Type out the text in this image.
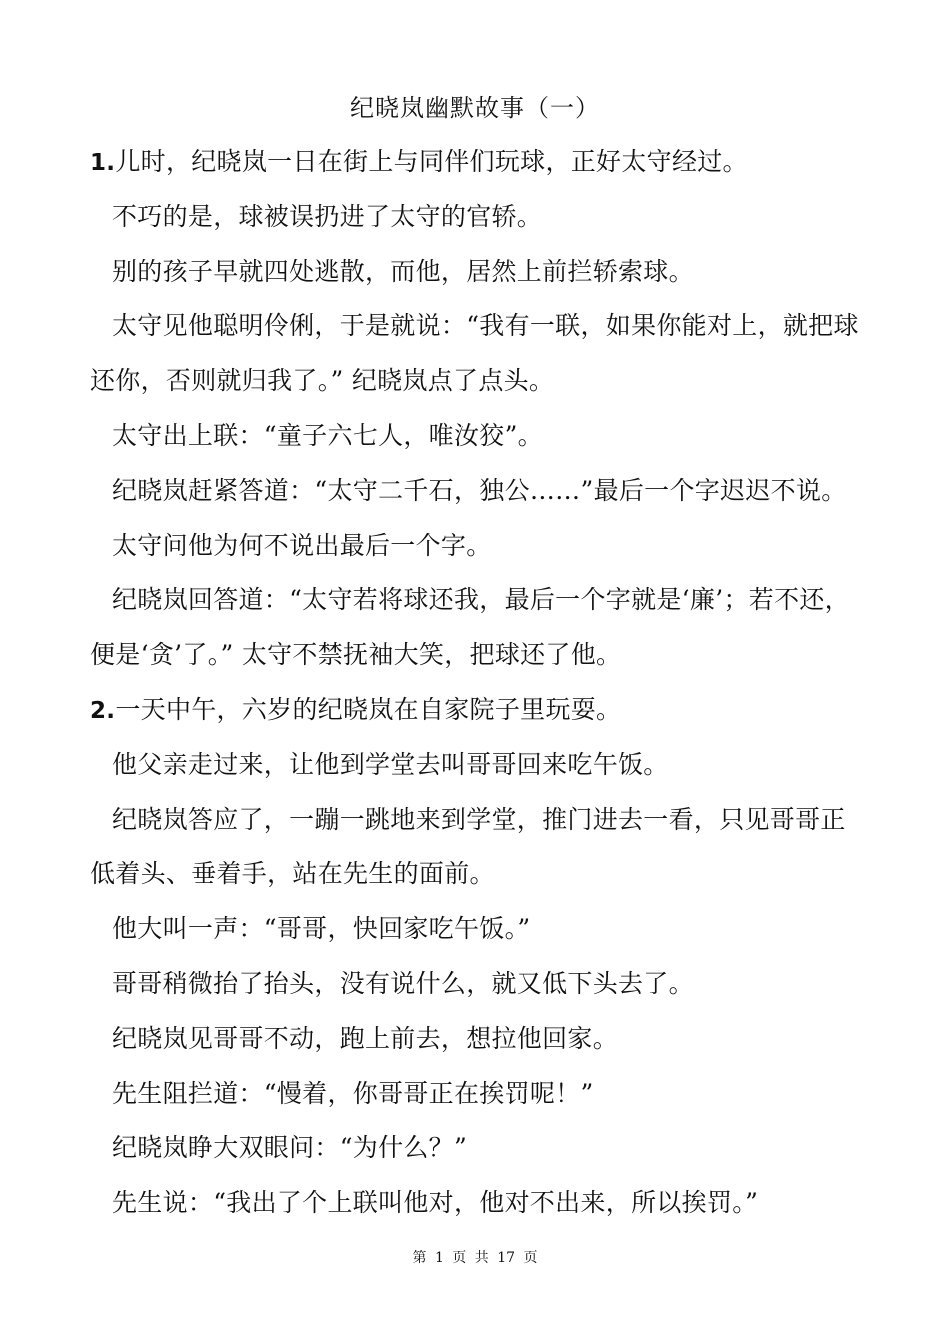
纪晓岚幽默故事（一）
1.儿时，纪晓岚一日在街上与同伴们玩球，正好太守经过。
不巧的是，球被误扔进了太守的官轿。
别的孩子早就四处逃散，而他，居然上前拦轿索球。
太守见他聪明伶俐，于是就说：“我有一联，如果你能对上，就把球
还你，否则就归我了。” 纪晓岚点了点头。
太守出上联：“童子六七人，唯汝狡”。
纪晓岚赶紧答道：“太守二千石，独公……”最后一个字迟迟不说。
太守问他为何不说出最后一个字。
纪晓岚回答道：“太守若将球还我，最后一个字就是‘廉’；若不还，
便是‘贪’了。” 太守不禁抚袖大笑，把球还了他。
2.一天中午，六岁的纪晓岚在自家院子里玩耍。
他父亲走过来，让他到学堂去叫哥哥回来吃午饭。
纪晓岚答应了，一蹦一跳地来到学堂，推门进去一看，只见哥哥正
低着头、垂着手，站在先生的面前。
他大叫一声：“哥哥，快回家吃午饭。”
哥哥稍微抬了抬头，没有说什么，就又低下头去了。
纪晓岚见哥哥不动，跑上前去，想拉他回家。
先生阻拦道：“慢着，你哥哥正在挨罚呢！”
纪晓岚睁大双眼问：“为什么？”
先生说：“我出了个上联叫他对，他对不出来，所以挨罚。”
第 1 页 共 17 页
